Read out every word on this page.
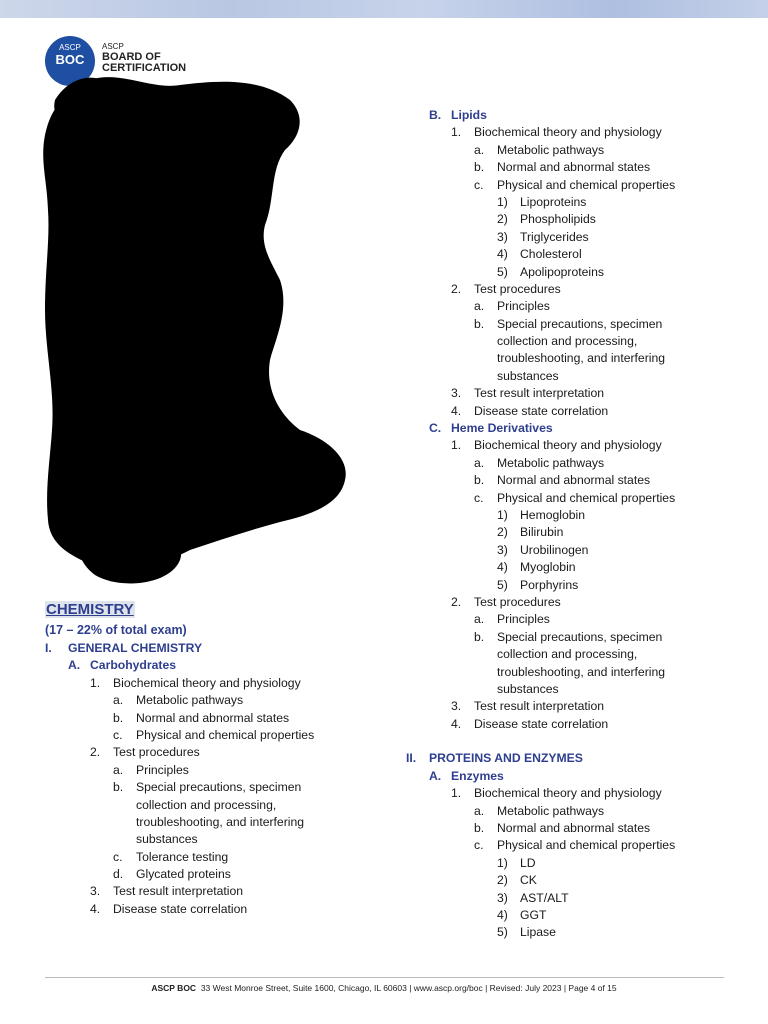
ASCP
BOC
ASCP
BOARD OF
CERTIFICATION
CHEMISTRY
(17 – 22% of total exam)
I. GENERAL CHEMISTRY
A. Carbohydrates
1. Biochemical theory and physiology
a. Metabolic pathways
b. Normal and abnormal states
c. Physical and chemical properties
2. Test procedures
a. Principles
b. Special precautions, specimen
collection and processing,
troubleshooting, and interfering
substances
c. Tolerance testing
d. Glycated proteins
3. Test result interpretation
4. Disease state correlation
B. Lipids
1. Biochemical theory and physiology
a. Metabolic pathways
b. Normal and abnormal states
c. Physical and chemical properties
1) Lipoproteins
2) Phospholipids
3) Triglycerides
4) Cholesterol
5) Apolipoproteins
2. Test procedures
a. Principles
b. Special precautions, specimen
collection and processing,
troubleshooting, and interfering
substances
3. Test result interpretation
4. Disease state correlation
C. Heme Derivatives
1. Biochemical theory and physiology
a. Metabolic pathways
b. Normal and abnormal states
c. Physical and chemical properties
1) Hemoglobin
2) Bilirubin
3) Urobilinogen
4) Myoglobin
5) Porphyrins
2. Test procedures
a. Principles
b. Special precautions, specimen
collection and processing,
troubleshooting, and interfering
substances
3. Test result interpretation
4. Disease state correlation
II. PROTEINS AND ENZYMES
A. Enzymes
1. Biochemical theory and physiology
a. Metabolic pathways
b. Normal and abnormal states
c. Physical and chemical properties
1) LD
2) CK
3) AST/ALT
4) GGT
5) Lipase
ASCP BOC 33 West Monroe Street, Suite 1600, Chicago, IL 60603 | www.ascp.org/boc | Revised: July 2023 | Page 4 of 15
